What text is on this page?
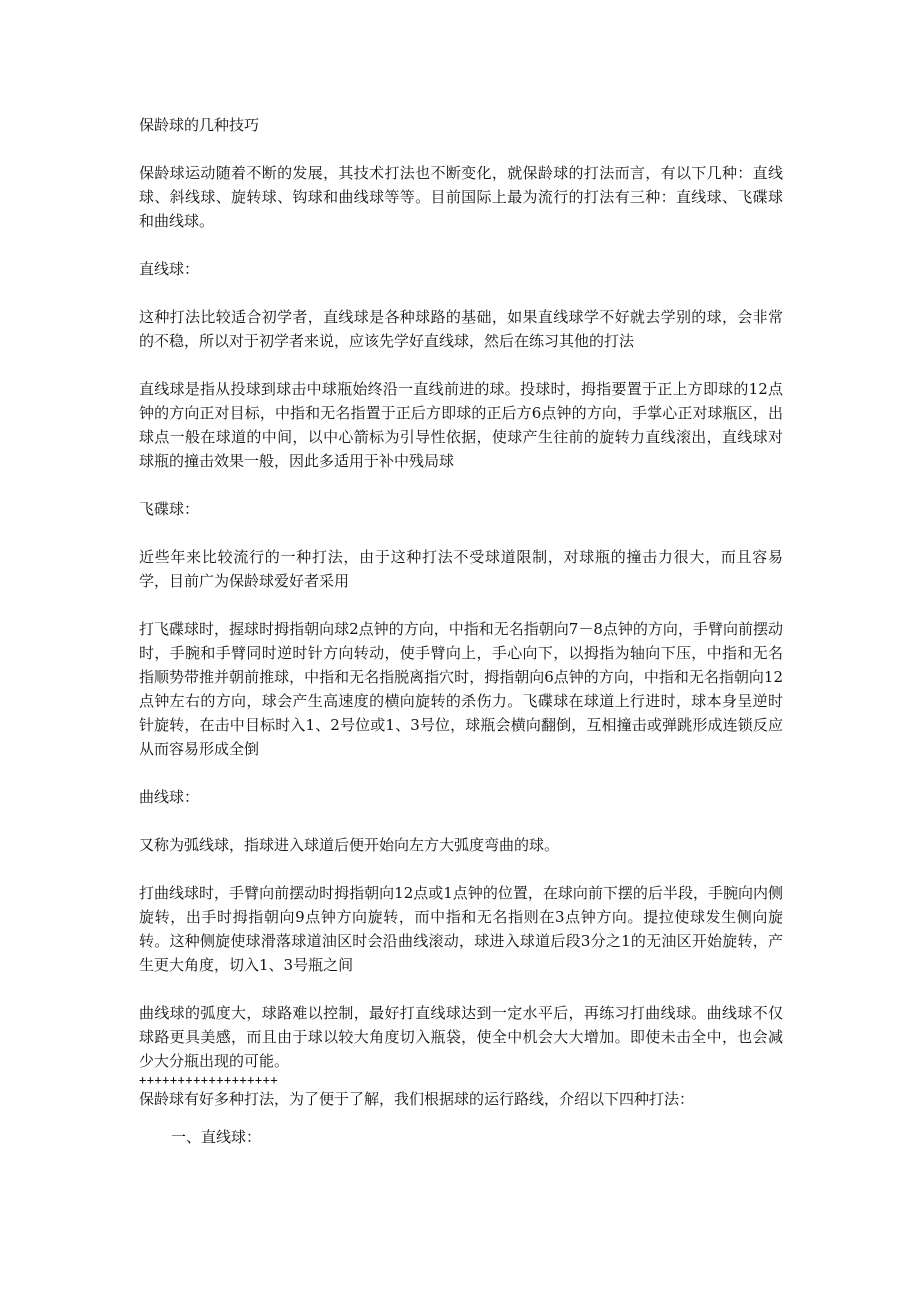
保龄球的几种技巧

保龄球运动随着不断的发展，其技术打法也不断变化，就保龄球的打法而言，有以下几种：直线球、斜线球、旋转球、钩球和曲线球等等。目前国际上最为流行的打法有三种：直线球、飞碟球和曲线球。

直线球：

这种打法比较适合初学者，直线球是各种球路的基础，如果直线球学不好就去学别的球，会非常的不稳，所以对于初学者来说，应该先学好直线球，然后在练习其他的打法

直线球是指从投球到球击中球瓶始终沿一直线前进的球。投球时，拇指要置于正上方即球的12点钟的方向正对目标，中指和无名指置于正后方即球的正后方6点钟的方向，手掌心正对球瓶区，出球点一般在球道的中间，以中心箭标为引导性依据，使球产生往前的旋转力直线滚出，直线球对球瓶的撞击效果一般，因此多适用于补中残局球

飞碟球：

近些年来比较流行的一种打法，由于这种打法不受球道限制，对球瓶的撞击力很大，而且容易学，目前广为保龄球爱好者采用

打飞碟球时，握球时拇指朝向球2点钟的方向，中指和无名指朝向7－8点钟的方向，手臂向前摆动时，手腕和手臂同时逆时针方向转动，使手臂向上，手心向下，以拇指为轴向下压，中指和无名指顺势带推并朝前推球，中指和无名指脱离指穴时，拇指朝向6点钟的方向，中指和无名指朝向12点钟左右的方向，球会产生高速度的横向旋转的杀伤力。飞碟球在球道上行进时，球本身呈逆时针旋转，在击中目标时入1、2号位或1、3号位，球瓶会横向翻倒，互相撞击或弹跳形成连锁反应从而容易形成全倒

曲线球：

又称为弧线球，指球进入球道后便开始向左方大弧度弯曲的球。

打曲线球时，手臂向前摆动时拇指朝向12点或1点钟的位置，在球向前下摆的后半段，手腕向内侧旋转，出手时拇指朝向9点钟方向旋转，而中指和无名指则在3点钟方向。提拉使球发生侧向旋转。这种侧旋使球滑落球道油区时会沿曲线滚动，球进入球道后段3分之1的无油区开始旋转，产生更大角度，切入1、3号瓶之间

曲线球的弧度大，球路难以控制，最好打直线球达到一定水平后，再练习打曲线球。曲线球不仅球路更具美感，而且由于球以较大角度切入瓶袋，使全中机会大大增加。即使未击全中，也会减少大分瓶出现的可能。

++++++++++++++++++

保龄球有好多种打法，为了便于了解，我们根据球的运行路线，介绍以下四种打法：

一、直线球：
